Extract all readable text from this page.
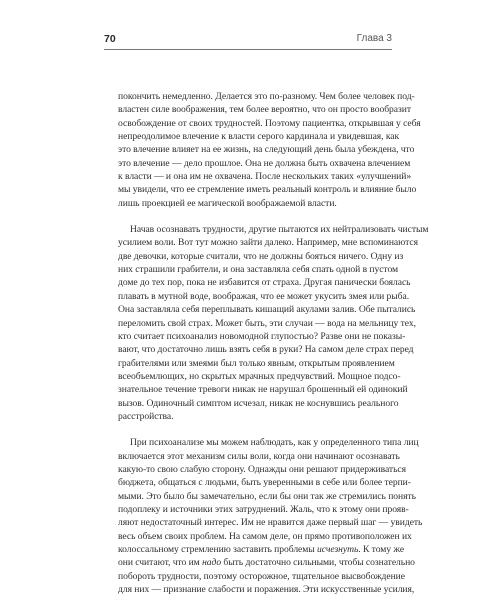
70	Глава 3

покончить немедленно. Делается это по-разному. Чем более человек под-
властен силе воображения, тем более вероятно, что он просто вообразит
освобождение от своих трудностей. Поэтому пациентка, открывшая у себя
непреодолимое влечение к власти серого кардинала и увидевшая, как
это влечение влияет на ее жизнь, на следующий день была убеждена, что
это влечение — дело прошлое. Она не должна быть охвачена влечением
к власти — и она им не охвачена. После нескольких таких «улучшений»
мы увидели, что ее стремление иметь реальный контроль и влияние было
лишь проекцией ее магической воображаемой власти.

Начав осознавать трудности, другие пытаются их нейтрализовать чистым
усилием воли. Вот тут можно зайти далеко. Например, мне вспоминаются
две девочки, которые считали, что не должны бояться ничего. Одну из
них страшили грабители, и она заставляла себя спать одной в пустом
доме до тех пор, пока не избавится от страха. Другая панически боялась
плавать в мутной воде, воображая, что ее может укусить змея или рыба.
Она заставляла себя переплывать кишащий акулами залив. Обе пытались
переломить свой страх. Может быть, эти случаи — вода на мельницу тех,
кто считает психоанализ новомодной глупостью? Разве они не показы-
вают, что достаточно лишь взять себя в руки? На самом деле страх перед
грабителями или змеями был только явным, открытым проявлением
всеобъемлющих, но скрытых мрачных предчувствий. Мощное подсо-
знательное течение тревоги никак не нарушал брошенный ей одинокий
вызов. Одиночный симптом исчезал, никак не коснувшись реального
расстройства.

При психоанализе мы можем наблюдать, как у определенного типа лиц
включается этот механизм силы воли, когда они начинают осознавать
какую-то свою слабую сторону. Однажды они решают придерживаться
бюджета, общаться с людьми, быть уверенными в себе или более терпи-
мыми. Это было бы замечательно, если бы они так же стремились понять
подоплеку и источники этих затруднений. Жаль, что к этому они прояв-
ляют недостаточный интерес. Им не нравится даже первый шаг — увидеть
весь объем своих проблем. На самом деле, он прямо противоположен их
колоссальному стремлению заставить проблемы исчезнуть. К тому же
они считают, что им надо быть достаточно сильными, чтобы сознательно
побороть трудности, поэтому осторожное, тщательное высвобождение
для них — признание слабости и поражения. Эти искусственные усилия,
